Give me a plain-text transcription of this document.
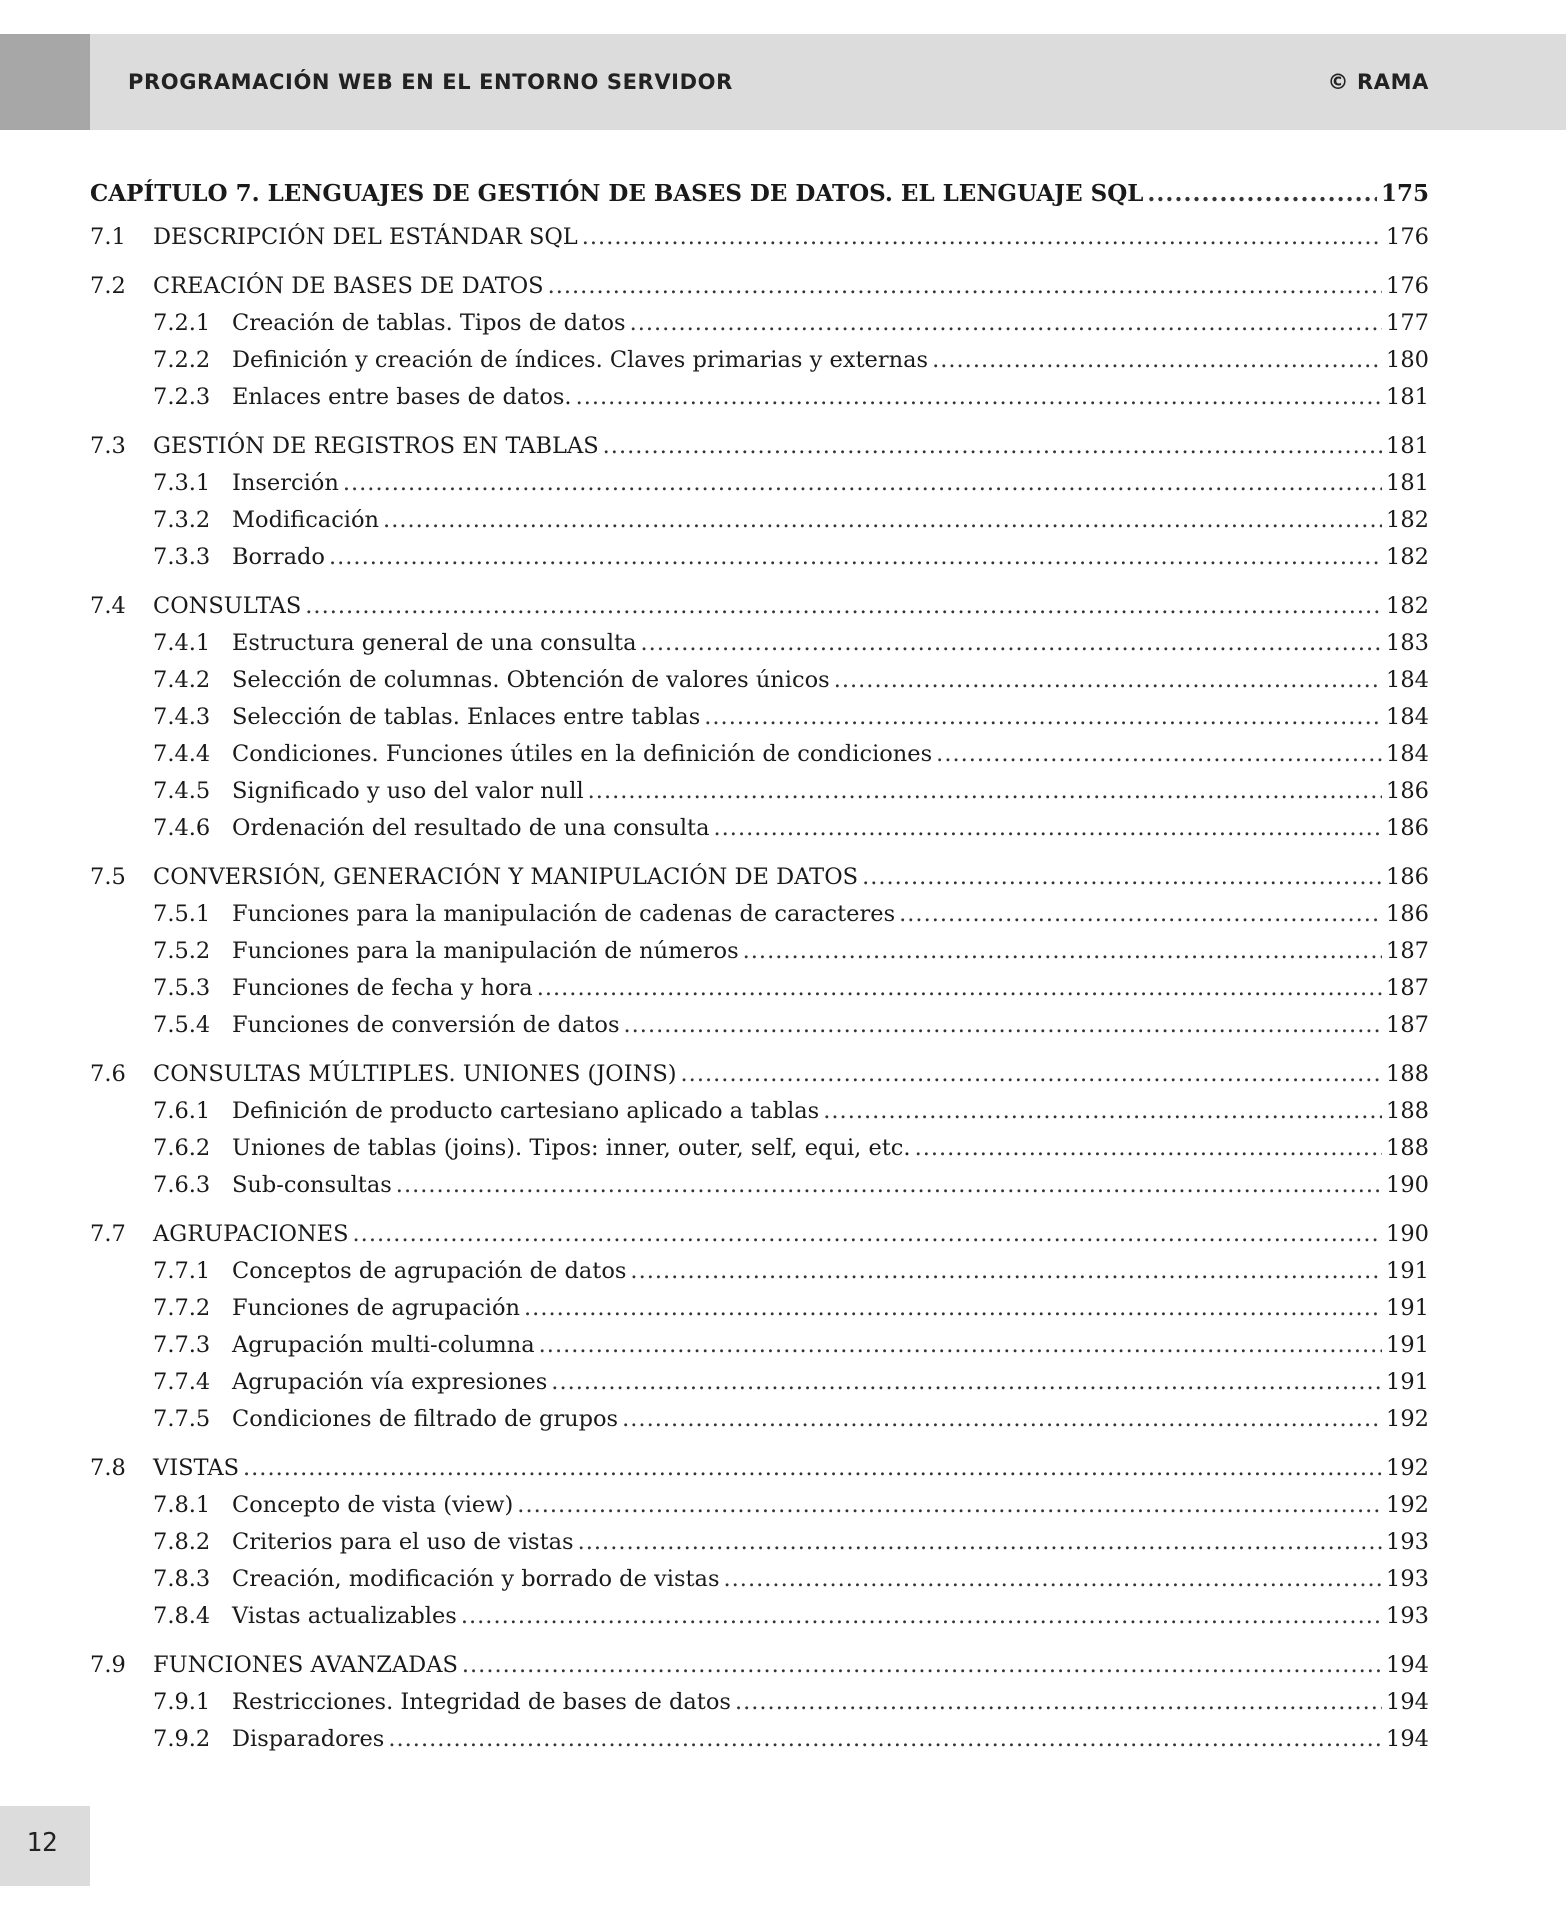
PROGRAMACIÓN WEB EN EL ENTORNO SERVIDOR	© RAMA
CAPÍTULO 7. LENGUAJES DE GESTIÓN DE BASES DE DATOS. EL LENGUAJE SQL .....	175
7.1	DESCRIPCIÓN DEL ESTÁNDAR SQL .....	176
7.2	CREACIÓN DE BASES DE DATOS .....	176
7.2.1 Creación de tablas. Tipos de datos .....	177
7.2.2 Definición y creación de índices. Claves primarias y externas .....	180
7.2.3 Enlaces entre bases de datos. .....	181
7.3	GESTIÓN DE REGISTROS EN TABLAS .....	181
7.3.1 Inserción .....	181
7.3.2 Modificación .....	182
7.3.3 Borrado .....	182
7.4	CONSULTAS .....	182
7.4.1 Estructura general de una consulta .....	183
7.4.2 Selección de columnas. Obtención de valores únicos .....	184
7.4.3 Selección de tablas. Enlaces entre tablas .....	184
7.4.4 Condiciones. Funciones útiles en la definición de condiciones .....	184
7.4.5 Significado y uso del valor null .....	186
7.4.6 Ordenación del resultado de una consulta .....	186
7.5	CONVERSIÓN, GENERACIÓN Y MANIPULACIÓN DE DATOS .....	186
7.5.1 Funciones para la manipulación de cadenas de caracteres .....	186
7.5.2 Funciones para la manipulación de números .....	187
7.5.3 Funciones de fecha y hora .....	187
7.5.4 Funciones de conversión de datos .....	187
7.6	CONSULTAS MÚLTIPLES. UNIONES (JOINS) .....	188
7.6.1 Definición de producto cartesiano aplicado a tablas .....	188
7.6.2 Uniones de tablas (joins). Tipos: inner, outer, self, equi, etc. .....	188
7.6.3 Sub-consultas .....	190
7.7	AGRUPACIONES .....	190
7.7.1 Conceptos de agrupación de datos .....	191
7.7.2 Funciones de agrupación .....	191
7.7.3 Agrupación multi-columna .....	191
7.7.4 Agrupación vía expresiones .....	191
7.7.5 Condiciones de filtrado de grupos .....	192
7.8	VISTAS .....	192
7.8.1 Concepto de vista (view) .....	192
7.8.2 Criterios para el uso de vistas .....	193
7.8.3 Creación, modificación y borrado de vistas .....	193
7.8.4 Vistas actualizables .....	193
7.9	FUNCIONES AVANZADAS .....	194
7.9.1 Restricciones. Integridad de bases de datos .....	194
7.9.2 Disparadores .....	194
12
